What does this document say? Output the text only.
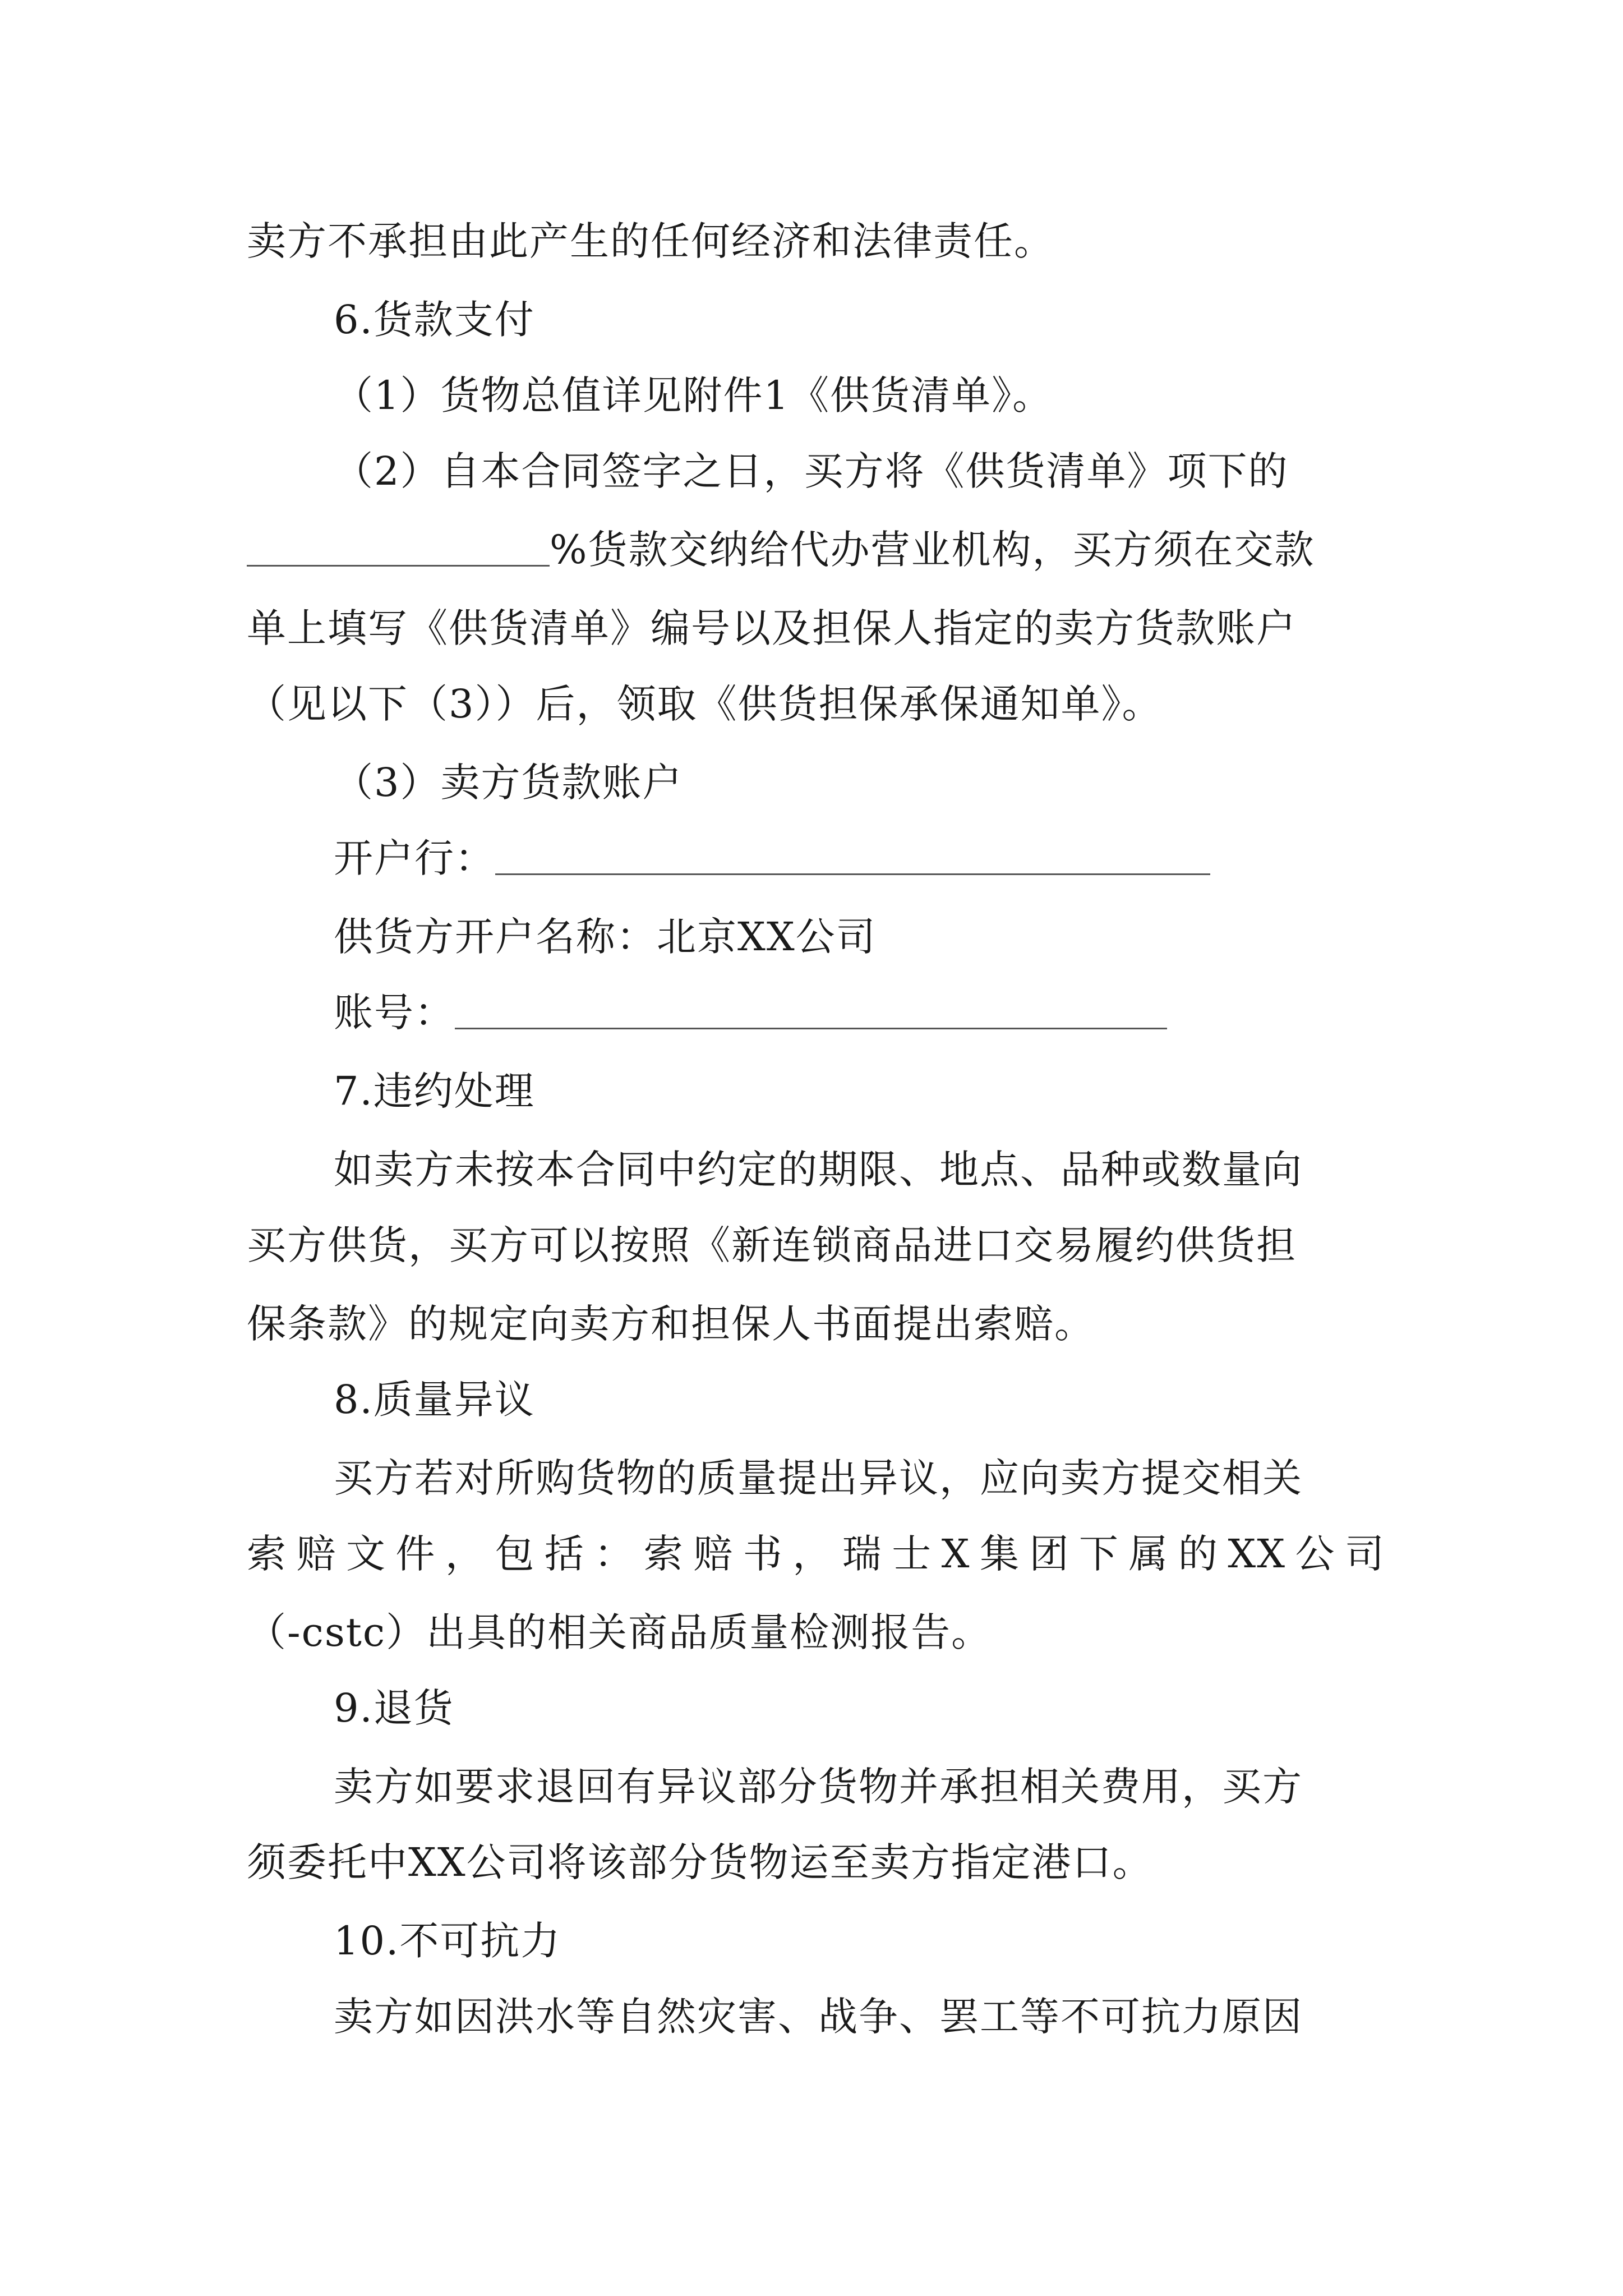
卖方不承担由此产生的任何经济和法律责任。
6.货款支付
（1）货物总值详见附件1《供货清单》。
（2）自本合同签字之日，买方将《供货清单》项下的
%货款交纳给代办营业机构，买方须在交款
单上填写《供货清单》编号以及担保人指定的卖方货款账户
（见以下（3））后，领取《供货担保承保通知单》。
（3）卖方货款账户
开户行：
供货方开户名称：北京XX公司
账号：
7.违约处理
如卖方未按本合同中约定的期限、地点、品种或数量向
买方供货，买方可以按照《新连锁商品进口交易履约供货担
保条款》的规定向卖方和担保人书面提出索赔。
8.质量异议
买方若对所购货物的质量提出异议，应向卖方提交相关
索赔文件，包括：索赔书，瑞士X集团下属的XX公司
（-cstc）出具的相关商品质量检测报告。
9.退货
卖方如要求退回有异议部分货物并承担相关费用，买方
须委托中XX公司将该部分货物运至卖方指定港口。
10.不可抗力
卖方如因洪水等自然灾害、战争、罢工等不可抗力原因
